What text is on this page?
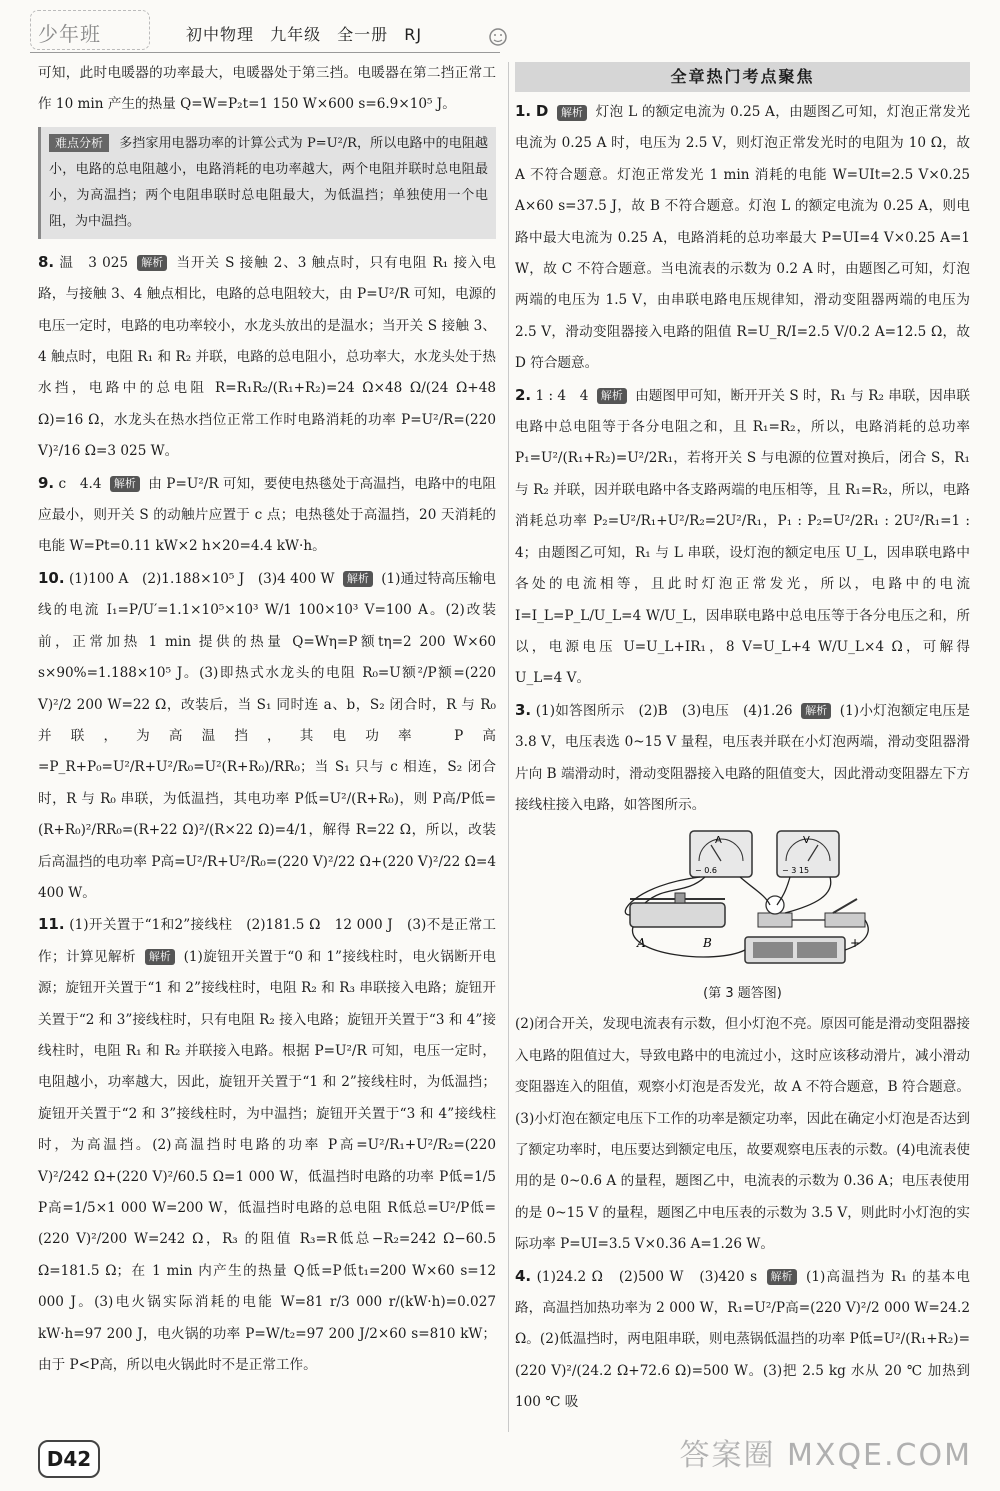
少年班	初中物理 九年级 全一册 RJ

可知，此时电暖器的功率最大，电暖器处于第三挡。电暖器在第二挡正常工作 10 min 产生的热量 Q=W=P₂t=1 150 W×600 s=6.9×10⁵ J。

难点分析 多挡家用电器功率的计算公式为 P=U²/R，所以电路中的电阻越小，电路的总电阻越小，电路消耗的电功率越大，两个电阻并联时总电阻最小，为高温挡；两个电阻串联时总电阻最大，为低温挡；单独使用一个电阻，为中温挡。

8. 温　3 025 解析 当开关 S 接触 2、3 触点时，只有电阻 R₁ 接入电路，与接触 3、4 触点相比，电路的总电阻较大，由 P=U²/R 可知，电源的电压一定时，电路的电功率较小，水龙头放出的是温水；当开关 S 接触 3、4 触点时，电阻 R₁ 和 R₂ 并联，电路的总电阻小，总功率大，水龙头处于热水挡，电路中的总电阻 R=R₁R₂/(R₁+R₂)=24 Ω×48 Ω/(24 Ω+48 Ω)=16 Ω，水龙头在热水挡位正常工作时电路消耗的功率 P=U²/R=(220 V)²/16 Ω=3 025 W。

9. c　4.4 解析 由 P=U²/R 可知，要使电热毯处于高温挡，电路中的电阻应最小，则开关 S 的动触片应置于 c 点；电热毯处于高温挡，20 天消耗的电能 W=Pt=0.11 kW×2 h×20=4.4 kW·h。

10. (1)100 A　(2)1.188×10⁵ J　(3)4 400 W 解析 (1)通过特高压输电线的电流 I₁=P/U′=1.1×10⁵×10³ W/1 100×10³ V=100 A。(2)改装前，正常加热 1 min 提供的热量 Q=Wη=P额tη=2 200 W×60 s×90%=1.188×10⁵ J。(3)即热式水龙头的电阻 R₀=U额²/P额=(220 V)²/2 200 W=22 Ω，改装后，当 S₁ 同时连 a、b，S₂ 闭合时，R 与 R₀ 并联，为高温挡，其电功率 P高=P_R+P₀=U²/R+U²/R₀=U²(R+R₀)/RR₀；当 S₁ 只与 c 相连，S₂ 闭合时，R 与 R₀ 串联，为低温挡，其电功率 P低=U²/(R+R₀)，则 P高/P低=(R+R₀)²/RR₀=(R+22 Ω)²/(R×22 Ω)=4/1，解得 R=22 Ω，所以，改装后高温挡的电功率 P高=U²/R+U²/R₀=(220 V)²/22 Ω+(220 V)²/22 Ω=4 400 W。

11. (1)开关置于“1和2”接线柱　(2)181.5 Ω　12 000 J　(3)不是正常工作；计算见解析 解析 (1)旋钮开关置于“0 和 1”接线柱时，电火锅断开电源；旋钮开关置于“1 和 2”接线柱时，电阻 R₂ 和 R₃ 串联接入电路；旋钮开关置于“2 和 3”接线柱时，只有电阻 R₂ 接入电路；旋钮开关置于“3 和 4”接线柱时，电阻 R₁ 和 R₂ 并联接入电路。根据 P=U²/R 可知，电压一定时，电阻越小，功率越大，因此，旋钮开关置于“1 和 2”接线柱时，为低温挡；旋钮开关置于“2 和 3”接线柱时，为中温挡；旋钮开关置于“3 和 4”接线柱时，为高温挡。(2)高温挡时电路的功率 P高=U²/R₁+U²/R₂=(220 V)²/242 Ω+(220 V)²/60.5 Ω=1 000 W，低温挡时电路的功率 P低=1/5 P高=1/5×1 000 W=200 W，低温挡时电路的总电阻 R低总=U²/P低=(220 V)²/200 W=242 Ω，R₃ 的阻值 R₃=R低总−R₂=242 Ω−60.5 Ω=181.5 Ω；在 1 min 内产生的热量 Q低=P低t₁=200 W×60 s=12 000 J。(3)电火锅实际消耗的电能 W=81 r/3 000 r/(kW·h)=0.027 kW·h=97 200 J，电火锅的功率 P=W/t₂=97 200 J/2×60 s=810 kW；由于 P<P高，所以电火锅此时不是正常工作。

全章热门考点聚焦

1. D 解析 灯泡 L 的额定电流为 0.25 A，由题图乙可知，灯泡正常发光电流为 0.25 A 时，电压为 2.5 V，则灯泡正常发光时的电阻为 10 Ω，故 A 不符合题意。灯泡正常发光 1 min 消耗的电能 W=UIt=2.5 V×0.25 A×60 s=37.5 J，故 B 不符合题意。灯泡 L 的额定电流为 0.25 A，则电路中最大电流为 0.25 A，电路消耗的总功率最大 P=UI=4 V×0.25 A=1 W，故 C 不符合题意。当电流表的示数为 0.2 A 时，由题图乙可知，灯泡两端的电压为 1.5 V，由串联电路电压规律知，滑动变阻器两端的电压为 2.5 V，滑动变阻器接入电路的阻值 R=U_R/I=2.5 V/0.2 A=12.5 Ω，故 D 符合题意。

2. 1 : 4　4 解析 由题图甲可知，断开开关 S 时，R₁ 与 R₂ 串联，因串联电路中总电阻等于各分电阻之和，且 R₁=R₂，所以，电路消耗的总功率 P₁=U²/(R₁+R₂)=U²/2R₁，若将开关 S 与电源的位置对换后，闭合 S，R₁ 与 R₂ 并联，因并联电路中各支路两端的电压相等，且 R₁=R₂，所以，电路消耗总功率 P₂=U²/R₁+U²/R₂=2U²/R₁，P₁ : P₂=U²/2R₁ : 2U²/R₁=1 : 4；由题图乙可知，R₁ 与 L 串联，设灯泡的额定电压 U_L，因串联电路中各处的电流相等，且此时灯泡正常发光，所以，电路中的电流 I=I_L=P_L/U_L=4 W/U_L，因串联电路中总电压等于各分电压之和，所以，电源电压 U=U_L+IR₁，8 V=U_L+4 W/U_L×4 Ω，可解得 U_L=4 V。

3. (1)如答图所示　(2)B　(3)电压　(4)1.26 解析 (1)小灯泡额定电压是 3.8 V，电压表选 0~15 V 量程，电压表并联在小灯泡两端，滑动变阻器滑片向 B 端滑动时，滑动变阻器接入电路的阻值变大，因此滑动变阻器左下方接线柱接入电路，如答图所示。

A
− 0.6
V
− 3 15
A	B	+
(第 3 题答图)

(2)闭合开关，发现电流表有示数，但小灯泡不亮。原因可能是滑动变阻器接入电路的阻值过大，导致电路中的电流过小，这时应该移动滑片，减小滑动变阻器连入的阻值，观察小灯泡是否发光，故 A 不符合题意，B 符合题意。(3)小灯泡在额定电压下工作的功率是额定功率，因此在确定小灯泡是否达到了额定功率时，电压要达到额定电压，故要观察电压表的示数。(4)电流表使用的是 0~0.6 A 的量程，题图乙中，电流表的示数为 0.36 A；电压表使用的是 0~15 V 的量程，题图乙中电压表的示数为 3.5 V，则此时小灯泡的实际功率 P=UI=3.5 V×0.36 A=1.26 W。

4. (1)24.2 Ω　(2)500 W　(3)420 s 解析 (1)高温挡为 R₁ 的基本电路，高温挡加热功率为 2 000 W，R₁=U²/P高=(220 V)²/2 000 W=24.2 Ω。(2)低温挡时，两电阻串联，则电蒸锅低温挡的功率 P低=U²/(R₁+R₂)=(220 V)²/(24.2 Ω+72.6 Ω)=500 W。(3)把 2.5 kg 水从 20 ℃ 加热到 100 ℃ 吸

D42	答案圈 MXQE.COM
